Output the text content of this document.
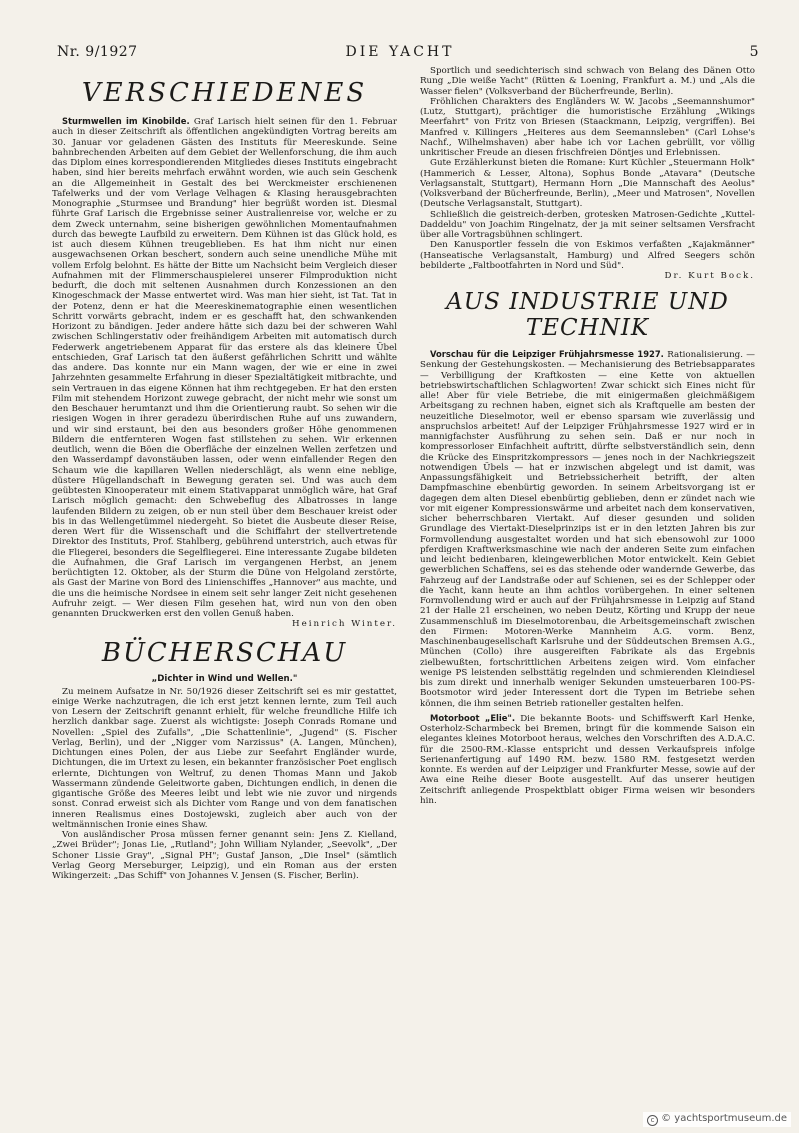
Nr. 9/1927	DIE YACHT	5
VERSCHIEDENES

Sturmwellen im Kinobilde. Graf Larisch hielt seinen für den 1. Februar auch in dieser Zeitschrift als öffentlichen angekündigten Vortrag bereits am 30. Januar vor geladenen Gästen des Instituts für Meereskunde. Seine bahnbrechenden Arbeiten auf dem Gebiet der Wellenforschung, die ihm auch das Diplom eines korrespondierenden Mitgliedes dieses Instituts eingebracht haben, sind hier bereits mehrfach erwähnt worden, wie auch sein Geschenk an die Allgemeinheit in Gestalt des bei Werckmeister erschienenen Tafelwerks und der vom Verlage Velhagen & Klasing herausgebrachten Monographie „Sturmsee und Brandung" hier begrüßt worden ist. Diesmal führte Graf Larisch die Ergebnisse seiner Australienreise vor, welche er zu dem Zweck unternahm, seine bisherigen gewöhnlichen Momentaufnahmen durch das bewegte Laufbild zu erweitern. Dem Kühnen ist das Glück hold, es ist auch diesem Kühnen treugeblieben. Es hat ihm nicht nur einen ausgewachsenen Orkan beschert, sondern auch seine unendliche Mühe mit vollem Erfolg belohnt. Es hätte der Bitte um Nachsicht beim Vergleich dieser Aufnahmen mit der Flimmerschauspielerei unserer Filmproduktion nicht bedurft, die doch mit seltenen Ausnahmen durch Konzessionen an den Kinogeschmack der Masse entwertet wird. Was man hier sieht, ist Tat. Tat in der Potenz, denn er hat die Meereskinematographie einen wesentlichen Schritt vorwärts gebracht, indem er es geschafft hat, den schwankenden Horizont zu bändigen. Jeder andere hätte sich dazu bei der schweren Wahl zwischen Schlingerstativ oder freihändigem Arbeiten mit automatisch durch Federwerk angetriebenem Apparat für das erstere als das kleinere Übel entschieden, Graf Larisch tat den äußerst gefährlichen Schritt und wählte das andere. Das konnte nur ein Mann wagen, der wie er eine in zwei Jahrzehnten gesammelte Erfahrung in dieser Spezialtätigkeit mitbrachte, und sein Vertrauen in das eigene Können hat ihm rechtgegeben. Er hat den ersten Film mit stehendem Horizont zuwege gebracht, der nicht mehr wie sonst um den Beschauer herumtanzt und ihm die Orientierung raubt. So sehen wir die riesigen Wogen in ihrer geradezu überirdischen Ruhe auf uns zuwandern, und wir sind erstaunt, bei den aus besonders großer Höhe genommenen Bildern die entfernteren Wogen fast stillstehen zu sehen. Wir erkennen deutlich, wenn die Böen die Oberfläche der einzelnen Wellen zerfetzen und den Wasserdampf davonstäuben lassen, oder wenn einfallender Regen den Schaum wie die kapillaren Wellen niederschlägt, als wenn eine neblige, düstere Hügellandschaft in Bewegung geraten sei. Und was auch dem geübtesten Kinooperateur mit einem Stativapparat unmöglich wäre, hat Graf Larisch möglich gemacht: den Schwebeflug des Albatrosses in lange laufenden Bildern zu zeigen, ob er nun steil über dem Beschauer kreist oder bis in das Wellengetümmel niedergeht. So bietet die Ausbeute dieser Reise, deren Wert für die Wissenschaft und die Schiffahrt der stellvertretende Direktor des Instituts, Prof. Stahlberg, gebührend unterstrich, auch etwas für die Fliegerei, besonders die Segelfliegerei. Eine interessante Zugabe bildeten die Aufnahmen, die Graf Larisch im vergangenen Herbst, an jenem berüchtigten 12. Oktober, als der Sturm die Düne von Helgoland zerstörte, als Gast der Marine von Bord des Linienschiffes „Hannover" aus machte, und die uns die heimische Nordsee in einem seit sehr langer Zeit nicht gesehenen Aufruhr zeigt. — Wer diesen Film gesehen hat, wird nun von den oben genannten Druckwerken erst den vollen Genuß haben.
Heinrich Winter.

BÜCHERSCHAU
„Dichter in Wind und Wellen."

Zu meinem Aufsatze in Nr. 50/1926 dieser Zeitschrift sei es mir gestattet, einige Werke nachzutragen, die ich erst jetzt kennen lernte, zum Teil auch von Lesern der Zeitschrift genannt erhielt, für welche freundliche Hilfe ich herzlich dankbar sage. Zuerst als wichtigste: Joseph Conrads Romane und Novellen: „Spiel des Zufalls", „Die Schattenlinie", „Jugend" (S. Fischer Verlag, Berlin), und der „Nigger vom Narzissus" (A. Langen, München), Dichtungen eines Polen, der aus Liebe zur Seefahrt Engländer wurde, Dichtungen, die im Urtext zu lesen, ein bekannter französischer Poet englisch erlernte, Dichtungen von Weltruf, zu denen Thomas Mann und Jakob Wassermann zündende Geleitworte gaben, Dichtungen endlich, in denen die gigantische Größe des Meeres leibt und lebt wie nie zuvor und nirgends sonst. Conrad erweist sich als Dichter vom Range und von dem fanatischen inneren Realismus eines Dostojewski, zugleich aber auch von der weltmännischen Ironie eines Shaw.

Von ausländischer Prosa müssen ferner genannt sein: Jens Z. Kielland, „Zwei Brüder"; Jonas Lie, „Rutland"; John William Nylander, „Seevolk", „Der Schoner Lissie Gray", „Signal PH"; Gustaf Janson, „Die Insel" (sämtlich Verlag Georg Merseburger, Leipzig), und ein Roman aus der ersten Wikingerzeit: „Das Schiff" von Johannes V. Jensen (S. Fischer, Berlin).

Sportlich und seedichterisch sind schwach von Belang des Dänen Otto Rung „Die weiße Yacht" (Rütten & Loening, Frankfurt a. M.) und „Als die Wasser fielen" (Volksverband der Bücherfreunde, Berlin).

Fröhlichen Charakters des Engländers W. W. Jacobs „Seemannshumor" (Lutz, Stuttgart), prächtiger die humoristische Erzählung „Wikings Meerfahrt" von Fritz von Briesen (Staackmann, Leipzig, vergriffen). Bei Manfred v. Killingers „Heiteres aus dem Seemannsleben" (Carl Lohse's Nachf., Wilhelmshaven) aber habe ich vor Lachen gebrüllt, vor völlig unkritischer Freude an diesen frischfreien Döntjes und Erlebnissen.

Gute Erzählerkunst bieten die Romane: Kurt Küchler „Steuermann Holk" (Hammerich & Lesser, Altona), Sophus Bonde „Atavara" (Deutsche Verlagsanstalt, Stuttgart), Hermann Horn „Die Mannschaft des Aeolus" (Volksverband der Bücherfreunde, Berlin), „Meer und Matrosen", Novellen (Deutsche Verlagsanstalt, Stuttgart).

Schließlich die geistreich-derben, grotesken Matrosen-Gedichte „Kuttel-Daddeldu" von Joachim Ringelnatz, der ja mit seiner seltsamen Versfracht über alle Vortragsbühnen schlingert.

Den Kanusportler fesseln die von Eskimos verfaßten „Kajakmänner" (Hanseatische Verlagsanstalt, Hamburg) und Alfred Seegers schön bebilderte „Faltbootfahrten in Nord und Süd".

Dr. Kurt Bock.
AUS INDUSTRIE UND TECHNIK

Vorschau für die Leipziger Frühjahrsmesse 1927. Rationalisierung. — Senkung der Gestehungskosten. — Mechanisierung des Betriebsapparates — Verbilligung der Kraftkosten — eine Kette von aktuellen betriebswirtschaftlichen Schlagworten! Zwar schickt sich Eines nicht für alle! Aber für viele Betriebe, die mit einigermaßen gleichmäßigem Arbeitsgang zu rechnen haben, eignet sich als Kraftquelle am besten der neuzeitliche Dieselmotor, weil er ebenso sparsam wie zuverlässig und anspruchslos arbeitet! Auf der Leipziger Frühjahrsmesse 1927 wird er in mannigfachster Ausführung zu sehen sein. Daß er nur noch in kompressorloser Einfachheit auftritt, dürfte selbstverständlich sein, denn die Krücke des Einspritzkompressors — jenes noch in der Nachkriegszeit notwendigen Übels — hat er inzwischen abgelegt und ist damit, was Anpassungsfähigkeit und Betriebssicherheit betrifft, der alten Dampfmaschine ebenbürtig geworden. In seinem Arbeitsvorgang ist er dagegen dem alten Diesel ebenbürtig geblieben, denn er zündet nach wie vor mit eigener Kompressionswärme und arbeitet nach dem konservativen, sicher beherrschbaren Viertakt. Auf dieser gesunden und soliden Grundlage des Viertakt-Dieselprinzips ist er in den letzten Jahren bis zur Formvollendung ausgestaltet worden und hat sich ebensowohl zur 1000 pferdigen Kraftwerksmaschine wie nach der anderen Seite zum einfachen und leicht bedienbaren, kleingewerblichen Motor entwickelt. Kein Gebiet gewerblichen Schaffens, sei es das stehende oder wandernde Gewerbe, das Fahrzeug auf der Landstraße oder auf Schienen, sei es der Schlepper oder die Yacht, kann heute an ihm achtlos vorübergehen. In einer seltenen Formvollendung wird er auch auf der Frühjahrsmesse in Leipzig auf Stand 21 der Halle 21 erscheinen, wo neben Deutz, Körting und Krupp der neue Zusammenschluß im Dieselmotorenbau, die Arbeitsgemeinschaft zwischen den Firmen: Motoren-Werke Mannheim A.G. vorm. Benz, Maschinenbaugesellschaft Karlsruhe und der Süddeutschen Bremsen A.G., München (Collo) ihre ausgereiften Fabrikate als das Ergebnis zielbewußten, fortschrittlichen Arbeitens zeigen wird. Vom einfacher wenige PS leistenden selbsttätig regelnden und schmierenden Kleindiesel bis zum direkt und innerhalb weniger Sekunden umsteuerbaren 100-PS-Bootsmotor wird jeder Interessent dort die Typen im Betriebe sehen können, die ihm seinen Betrieb rationeller gestalten helfen.

Motorboot „Elie". Die bekannte Boots- und Schiffswerft Karl Henke, Osterholz-Scharmbeck bei Bremen, bringt für die kommende Saison ein elegantes kleines Motorboot heraus, welches den Vorschriften des A.D.A.C. für die 2500-RM.-Klasse entspricht und dessen Verkaufspreis infolge Serienanfertigung auf 1490 RM. bezw. 1580 RM. festgesetzt werden konnte. Es werden auf der Leipziger und Frankfurter Messe, sowie auf der Awa eine Reihe dieser Boote ausgestellt. Auf das unserer heutigen Zeitschrift anliegende Prospektblatt obiger Firma weisen wir besonders hin.

c © yachtsportmuseum.de
